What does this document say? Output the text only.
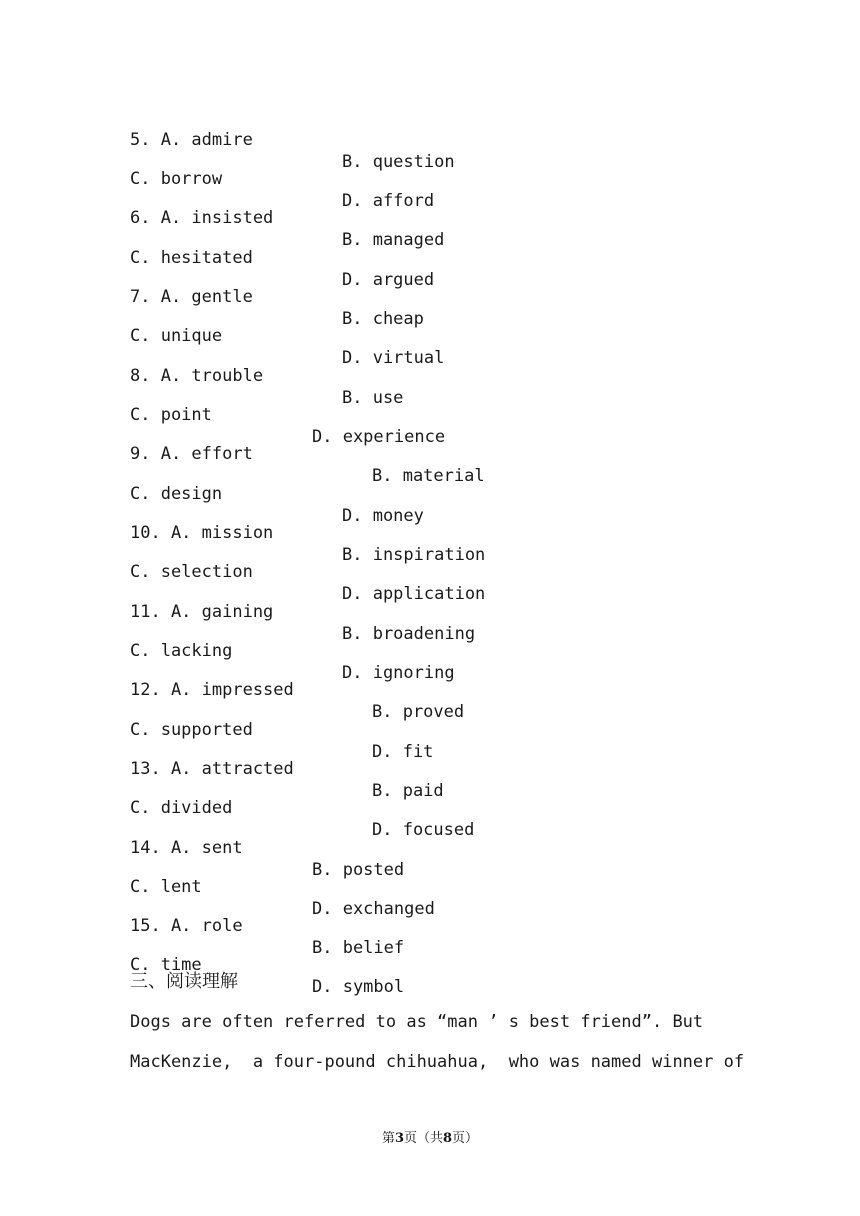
5. A. admire

B. question

C. borrow

D. afford

6. A. insisted

B. managed

C. hesitated

D. argued

7. A. gentle

B. cheap

C. unique

D. virtual

8. A. trouble

B. use

C. point

D. experience

9. A. effort

B. material

C. design

D. money

10. A. mission

B. inspiration

C. selection

D. application

11. A. gaining

B. broadening

C. lacking

D. ignoring

12. A. impressed

B. proved

C. supported

D. fit

13. A. attracted

B. paid

C. divided

D. focused

14. A. sent

B. posted

C. lent

D. exchanged

15. A. role

B. belief

C. time

D. symbol

三、阅读理解
Dogs are often referred to as “man ’ s best friend”. But
MacKenzie,  a four-pound chihuahua,  who was named winner of
第3页（共8页）
